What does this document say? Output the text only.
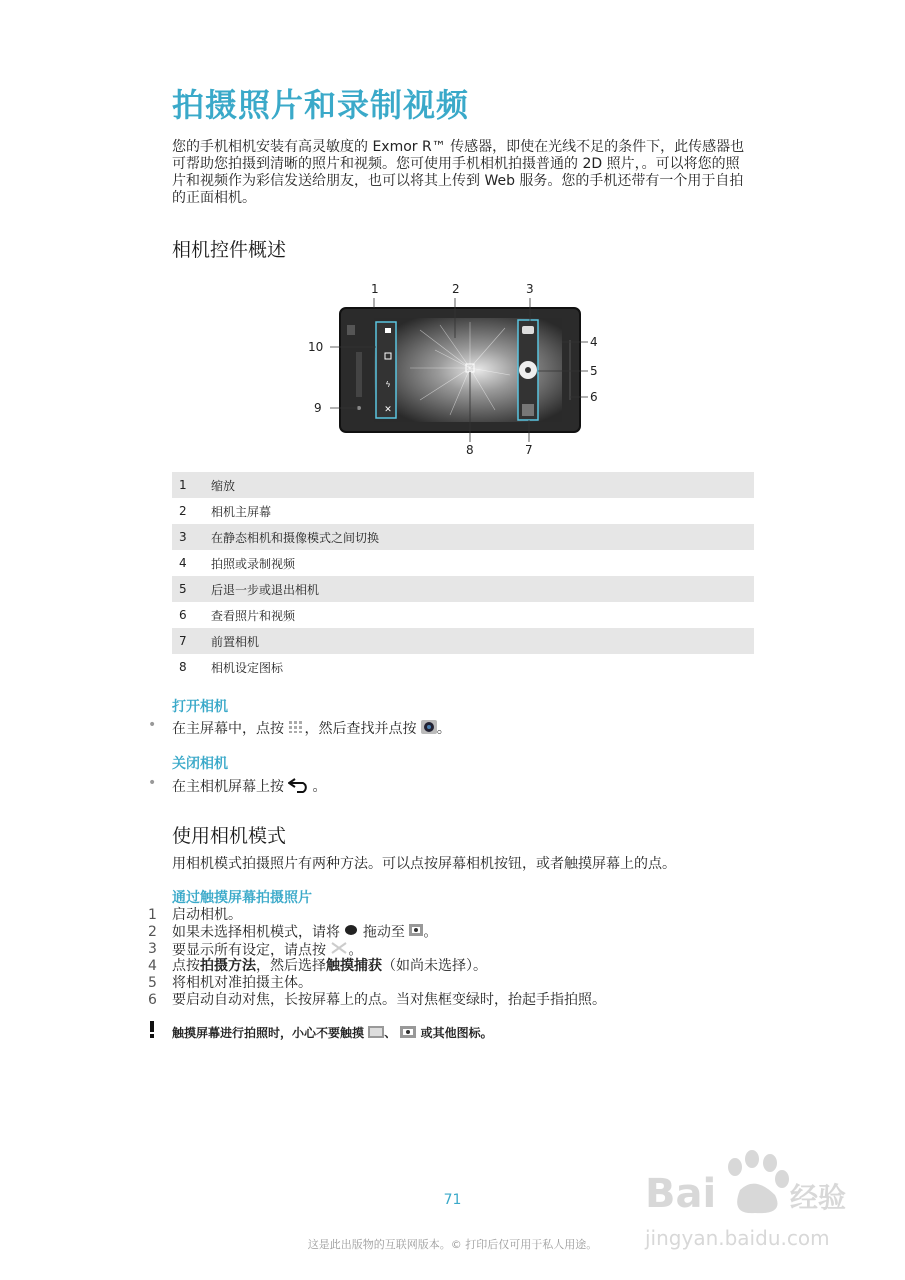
拍摄照片和录制视频
您的手机相机安装有高灵敏度的 Exmor R™ 传感器，即使在光线不足的条件下，此传感器也可帮助您拍摄到清晰的照片和视频。您可使用手机相机拍摄普通的 2D 照片，。可以将您的照片和视频作为彩信发送给朋友，也可以将其上传到 Web 服务。您的手机还带有一个用于自拍的正面相机。
相机控件概述
ϟ
✕
1	2	3
4
5
6
7
8
9
10
1	缩放
2	相机主屏幕
3	在静态相机和摄像模式之间切换
4	拍照或录制视频
5	后退一步或退出相机
6	查看照片和视频
7	前置相机
8	相机设定图标
打开相机
• 在主屏幕中，点按 ，然后查找并点按 。
关闭相机
• 在主相机屏幕上按 。
使用相机模式
用相机模式拍摄照片有两种方法。可以点按屏幕相机按钮，或者触摸屏幕上的点。
通过触摸屏幕拍摄照片
1	启动相机。
2	如果未选择相机模式，请将 拖动至 。
3	要显示所有设定，请点按 。
4	点按拍摄方法，然后选择触摸捕获（如尚未选择）。
5	将相机对准拍摄主体。
6	要启动自动对焦，长按屏幕上的点。当对焦框变绿时，抬起手指拍照。
触摸屏幕进行拍照时，小心不要触摸 、 或其他图标。
71
这是此出版物的互联网版本。© 打印后仅可用于私人用途。
Bai	经验
jingyan.baidu.com
